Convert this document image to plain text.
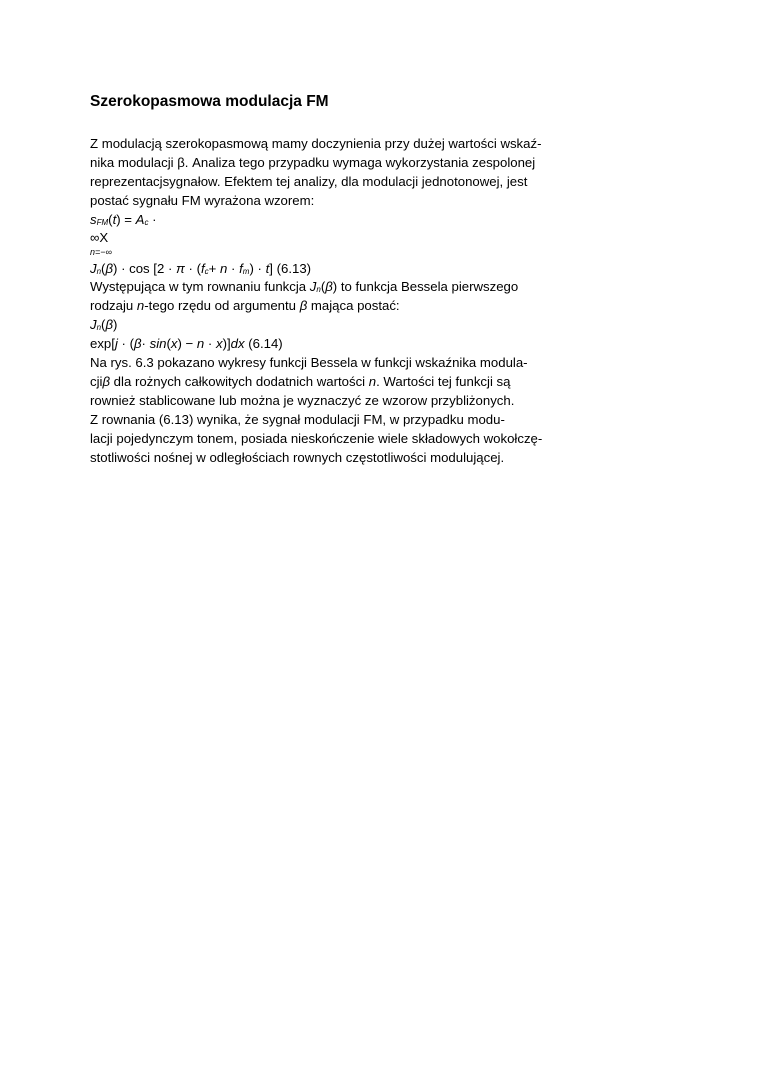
Szerokopasmowa modulacja FM

Z modulacją szerokopasmową mamy doczynienia przy dużej wartości wskaź-

nika modulacji β. Analiza tego przypadku wymaga wykorzystania zespolonej

reprezentacjsygnałow. Efektem tej analizy, dla modulacji jednotonowej, jest

postać sygnału FM wyrażona wzorem:

$s_{FM}(t) = A_c$ ·

∞X

n=−∞

$J_n(\beta) \cdot \cos [2 \cdot \pi \cdot (f_c+ n \cdot f_m) \cdot t]$ (6.13)

Występująca w tym rownaniu funkcja $J_n(\beta)$ to funkcja Bessela pierwszego

rodzaju n-tego rzędu od argumentu β mająca postać:

$J_n(\beta)$

exp[j · (β· sin(x) − n · x)]dx (6.14)

Na rys. 6.3 pokazano wykresy funkcji Bessela w funkcji wskaźnika modula-

cjiβ dla rożnych całkowitych dodatnich wartości n. Wartości tej funkcji są

rownież stablicowane lub można je wyznaczyć ze wzorow przybliżonych.

Z rownania (6.13) wynika, że sygnał modulacji FM, w przypadku modu-

lacji pojedynczym tonem, posiada nieskończenie wiele składowych wokołczę-

stotliwości nośnej w odległościach rownych częstotliwości modulującej.
